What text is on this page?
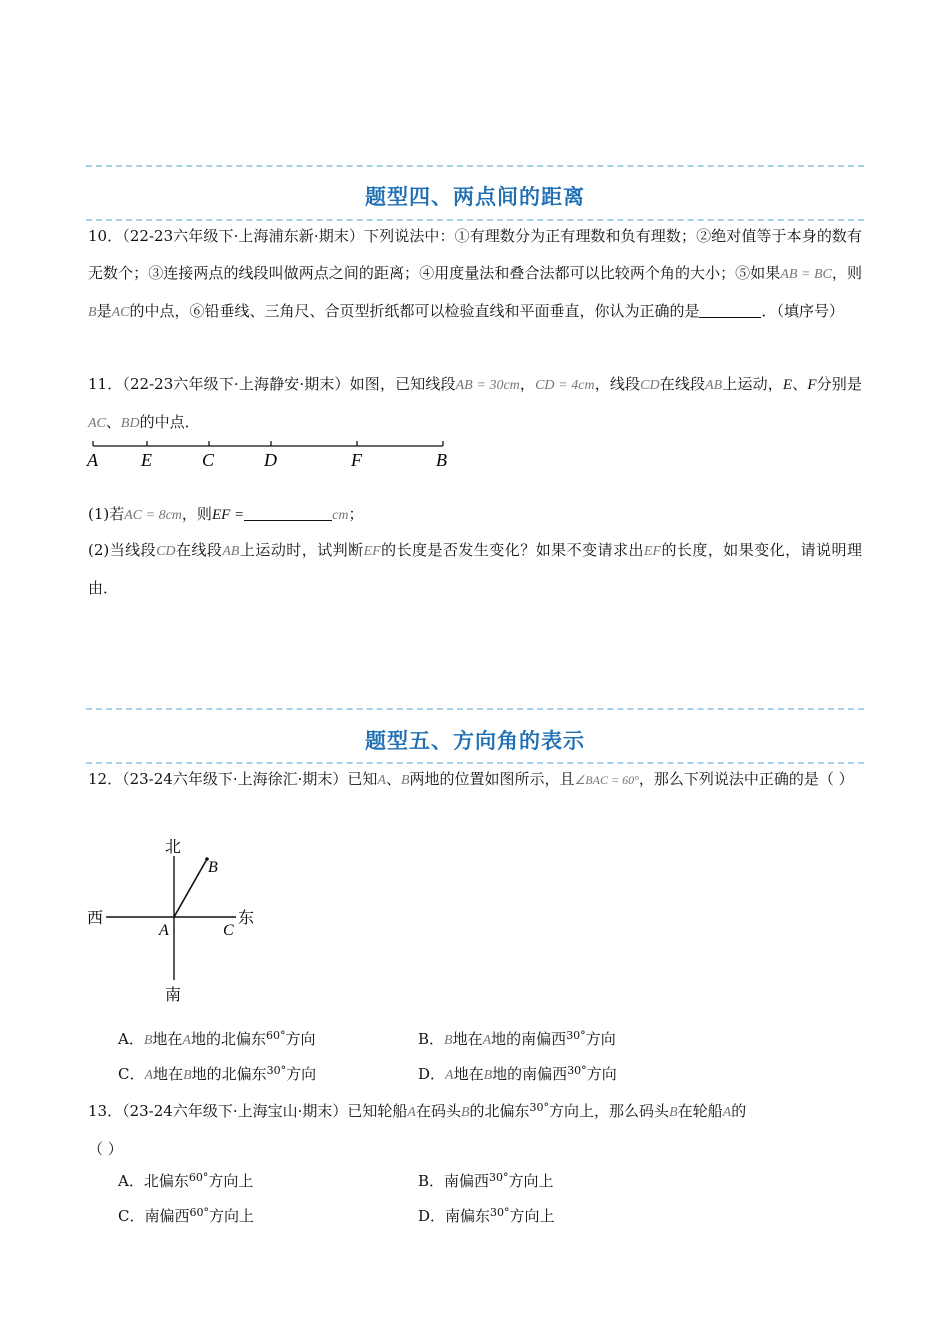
题型四、两点间的距离

10．（22-23六年级下·上海浦东新·期末）下列说法中：①有理数分为正有理数和负有理数；②绝对值等于本身的数有无数个；③连接两点的线段叫做两点之间的距离；④用度量法和叠合法都可以比较两个角的大小；⑤如果AB = BC，则B是AC的中点，⑥铅垂线、三角尺、合页型折纸都可以检验直线和平面垂直，你认为正确的是	．（填序号）

11．（22-23六年级下·上海静安·期末）如图，已知线段AB = 30cm，CD = 4cm，线段CD在线段AB上运动，E、F分别是AC、BD的中点．

A E	C	D	F	B

(1)若AC = 8cm，则EF =	cm；

(2)当线段CD在线段AB上运动时，试判断EF的长度是否发生变化？如果不变请求出EF的长度，如果变化，请说明理由．

题型五、方向角的表示

12．（23-24六年级下·上海徐汇·期末）已知A、B两地的位置如图所示，且∠BAC = 60°，那么下列说法中正确的是（ ）

北
南
西	东
A
B
C
A．B地在A地的北偏东$^{60^\circ}$方向	B．B地在A地的南偏西$^{30^\circ}$方向
C．A地在B地的北偏东$^{30^\circ}$方向	D．A地在B地的南偏西$^{30^\circ}$方向

13．（23-24六年级下·上海宝山·期末）已知轮船A在码头B的北偏东$^{30^\circ}$方向上，那么码头B在轮船A的
（ ）

A．北偏东$^{60^\circ}$方向上	B．南偏西$^{30^\circ}$方向上
C．南偏西$^{60^\circ}$方向上	D．南偏东$^{30^\circ}$方向上
